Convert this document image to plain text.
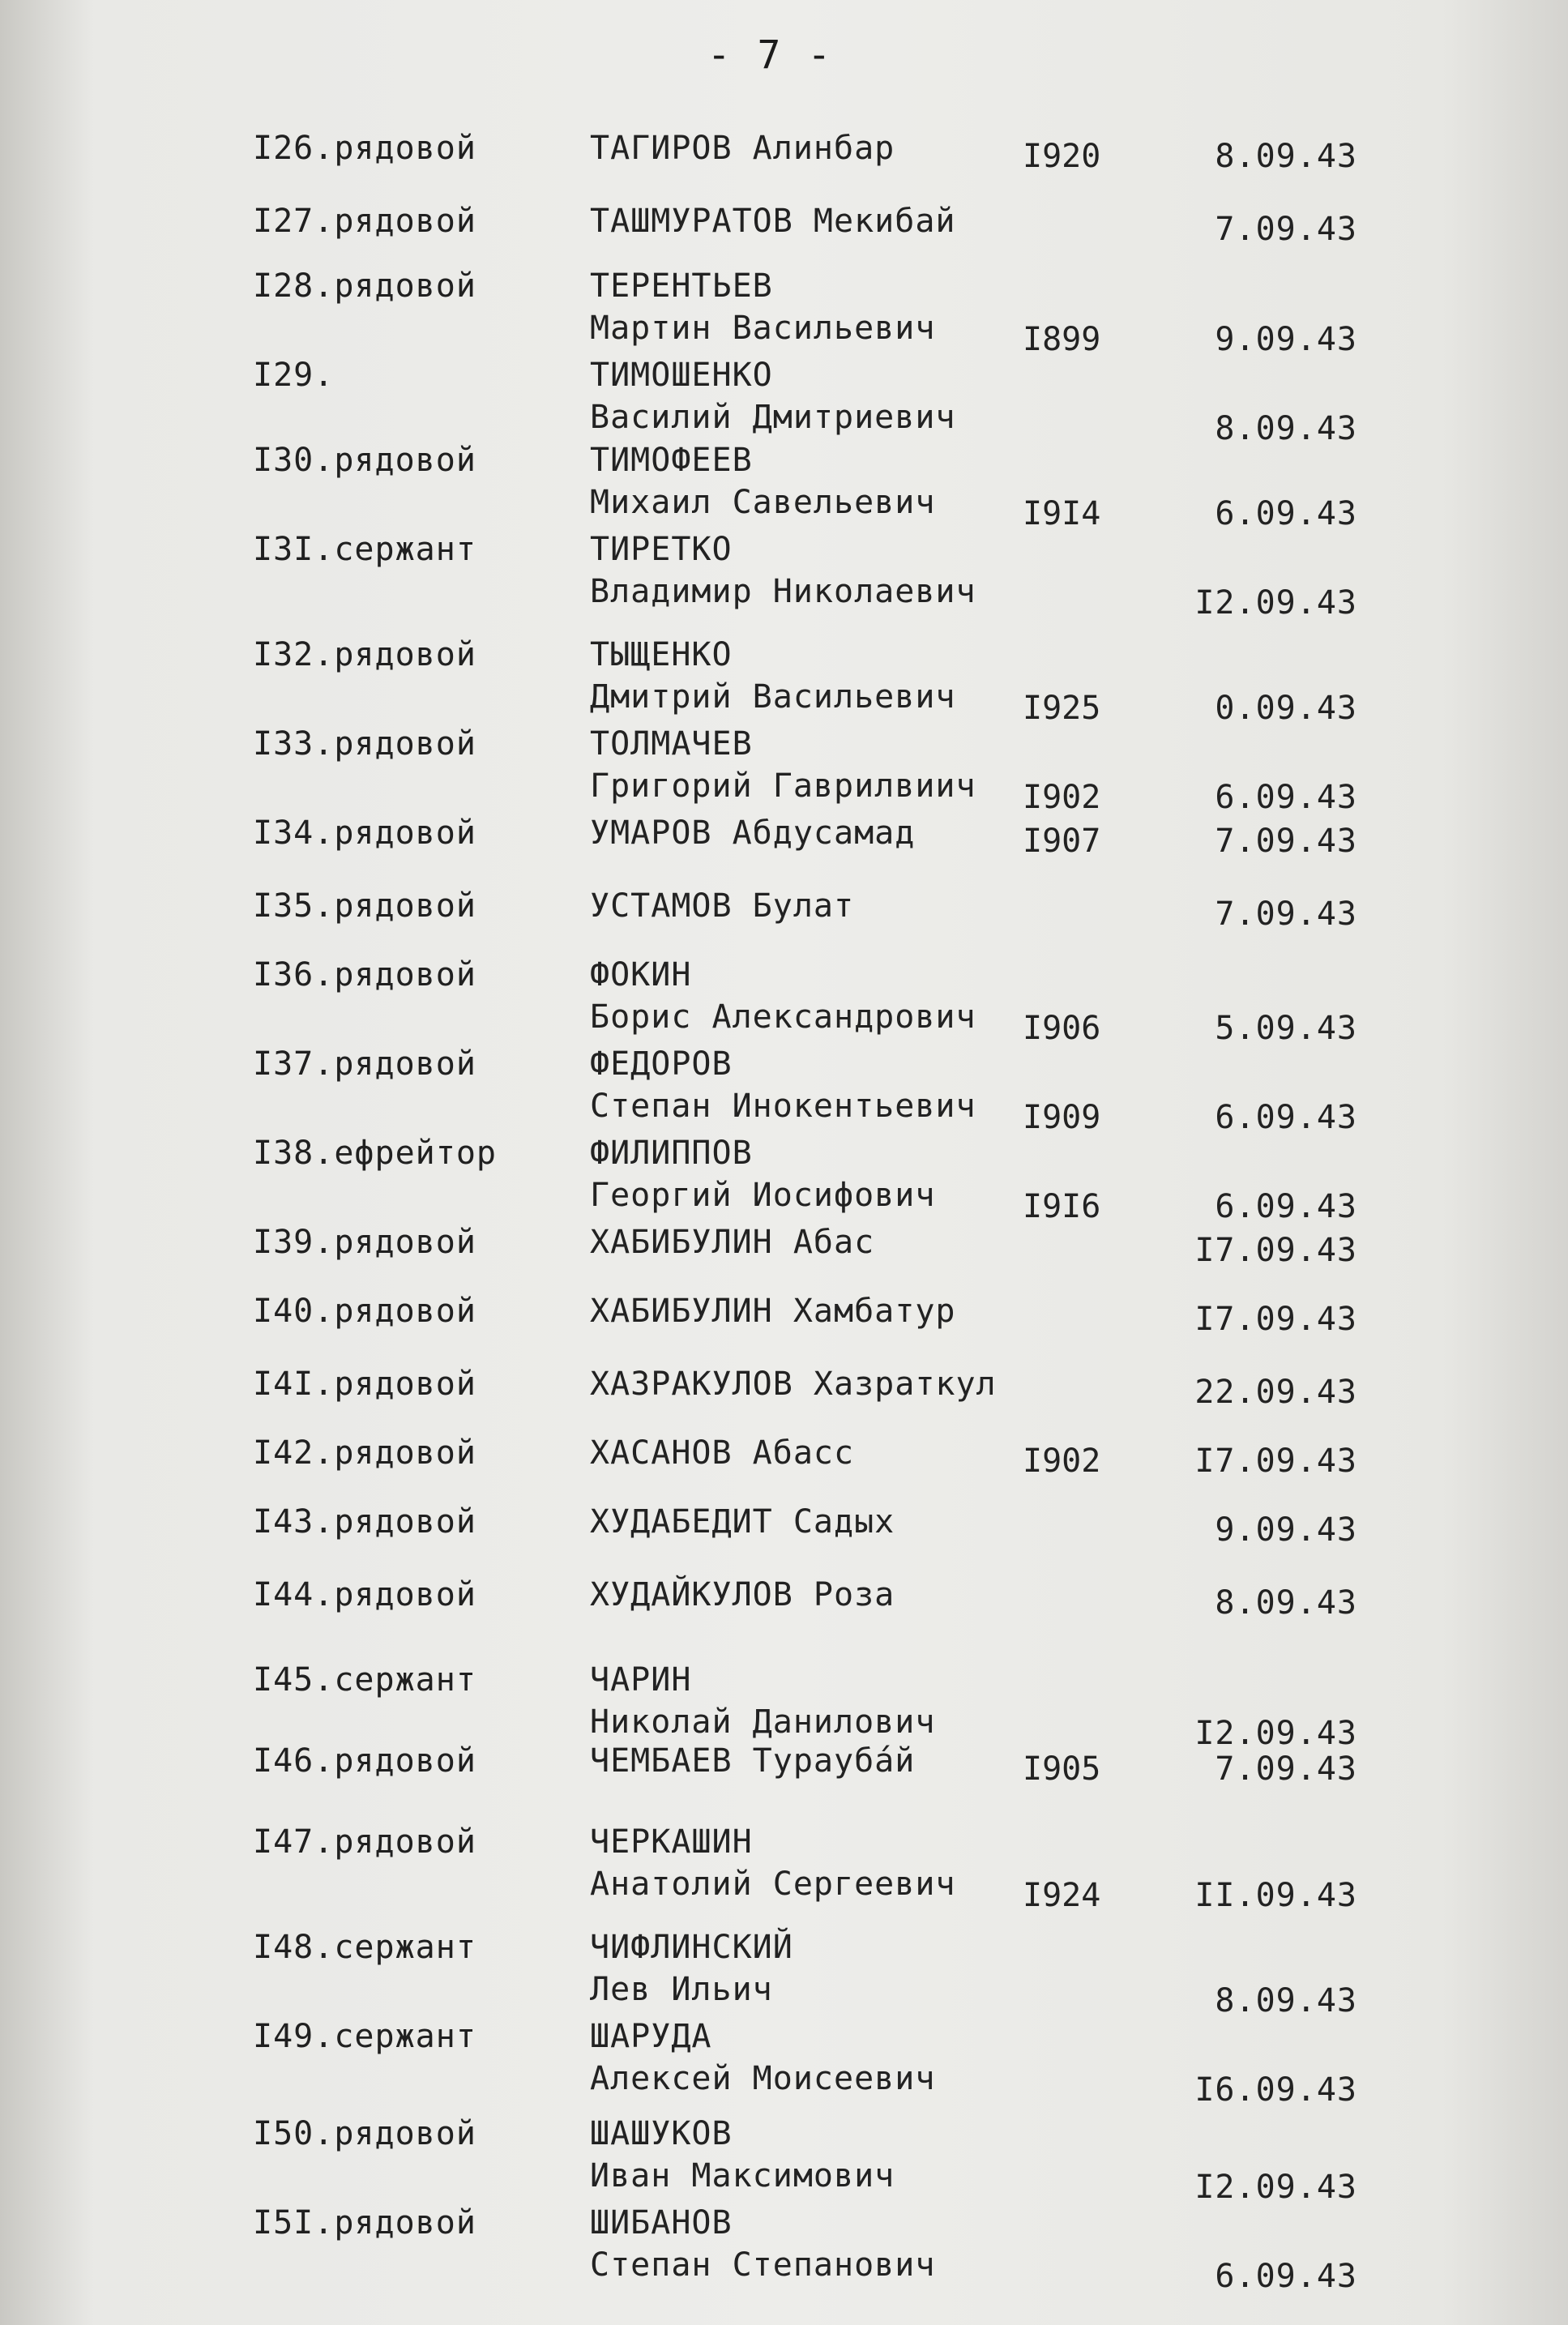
- 7 -
I26.рядовой	ТАГИРОВ Алинбар	I920	8.09.43
I27.рядовой	ТАШМУРАТОВ Мекибай	7.09.43
I28.рядовой	ТЕРЕНТЬЕВ
Мартин Васильевич	I899	9.09.43
I29.	ТИМОШЕНКО
Василий Дмитриевич	8.09.43
I30.рядовой	ТИМОФЕЕВ
Михаил Савельевич	I9I4	6.09.43
I3I.сержант	ТИРЕТКО
Владимир Николаевич	I2.09.43
I32.рядовой	ТЫЩЕНКО
Дмитрий Васильевич I925	0.09.43
I33.рядовой	ТОЛМАЧЕВ
Григорий Гаврилвиич I902	6.09.43
I34.рядовой	УМАРОВ Абдусамад	I907	7.09.43
I35.рядовой	УСТАМОВ Булат	7.09.43
I36.рядовой	ФОКИН
Борис Александрович I906	5.09.43
I37.рядовой	ФЕДОРОВ
Степан Инокентьевич I909	6.09.43
I38.ефрейтор	ФИЛИППОВ
Георгий Иосифович	I9I6	6.09.43
I39.рядовой	ХАБИБУЛИН Абас	I7.09.43
I40.рядовой	ХАБИБУЛИН Хамбатур	I7.09.43
I4I.рядовой	ХАЗРАКУЛОВ Хазраткул	22.09.43
I42.рядовой	ХАСАНОВ Абасс	I902	I7.09.43
I43.рядовой	ХУДАБЕДИТ Садых	9.09.43
I44.рядовой	ХУДАЙКУЛОВ Роза	8.09.43
I45.сержант	ЧАРИН
Николай Данилович	I2.09.43
I46.рядовой	ЧЕМБАЕВ Турауба́й	I905	7.09.43
I47.рядовой	ЧЕРКАШИН
Анатолий Сергеевич I924	II.09.43
I48.сержант	ЧИФЛИНСКИЙ
Лев Ильич	8.09.43
I49.сержант	ШАРУДА
Алексей Моисеевич	I6.09.43
I50.рядовой	ШАШУКОВ
Иван Максимович	I2.09.43
I5I.рядовой	ШИБАНОВ
Степан Степанович	6.09.43
